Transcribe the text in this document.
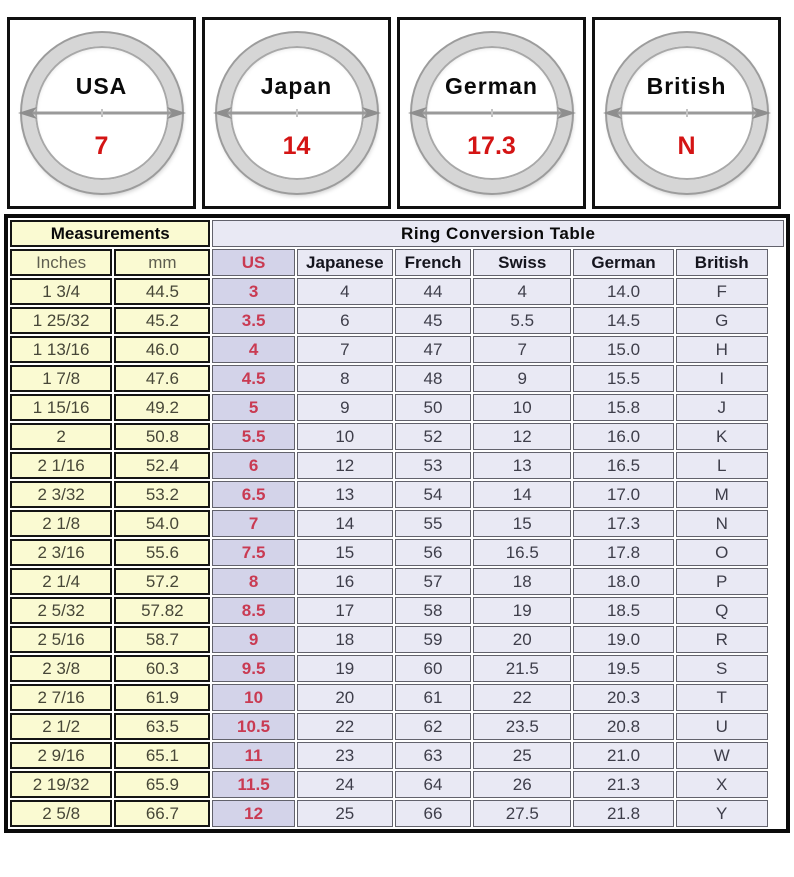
USA
7
Japan
14
German
17.3
British
N
Measurements		Ring Conversion Table						
Inches	mm	US	Japanese	French	Swiss	German	British	
1 3/4	44.5	3	4	44	4	14.0	F	
1 25/32	45.2	3.5	6	45	5.5	14.5	G	
1 13/16	46.0	4	7	47	7	15.0	H	
1 7/8	47.6	4.5	8	48	9	15.5	I	
1 15/16	49.2	5	9	50	10	15.8	J	
2	50.8	5.5	10	52	12	16.0	K	
2 1/16	52.4	6	12	53	13	16.5	L	
2 3/32	53.2	6.5	13	54	14	17.0	M	
2 1/8	54.0	7	14	55	15	17.3	N	
2 3/16	55.6	7.5	15	56	16.5	17.8	O	
2 1/4	57.2	8	16	57	18	18.0	P	
2 5/32	57.82	8.5	17	58	19	18.5	Q	
2 5/16	58.7	9	18	59	20	19.0	R	
2 3/8	60.3	9.5	19	60	21.5	19.5	S	
2 7/16	61.9	10	20	61	22	20.3	T	
2 1/2	63.5	10.5	22	62	23.5	20.8	U	
2 9/16	65.1	11	23	63	25	21.0	W	
2 19/32	65.9	11.5	24	64	26	21.3	X	
2 5/8	66.7	12	25	66	27.5	21.8	Y	
